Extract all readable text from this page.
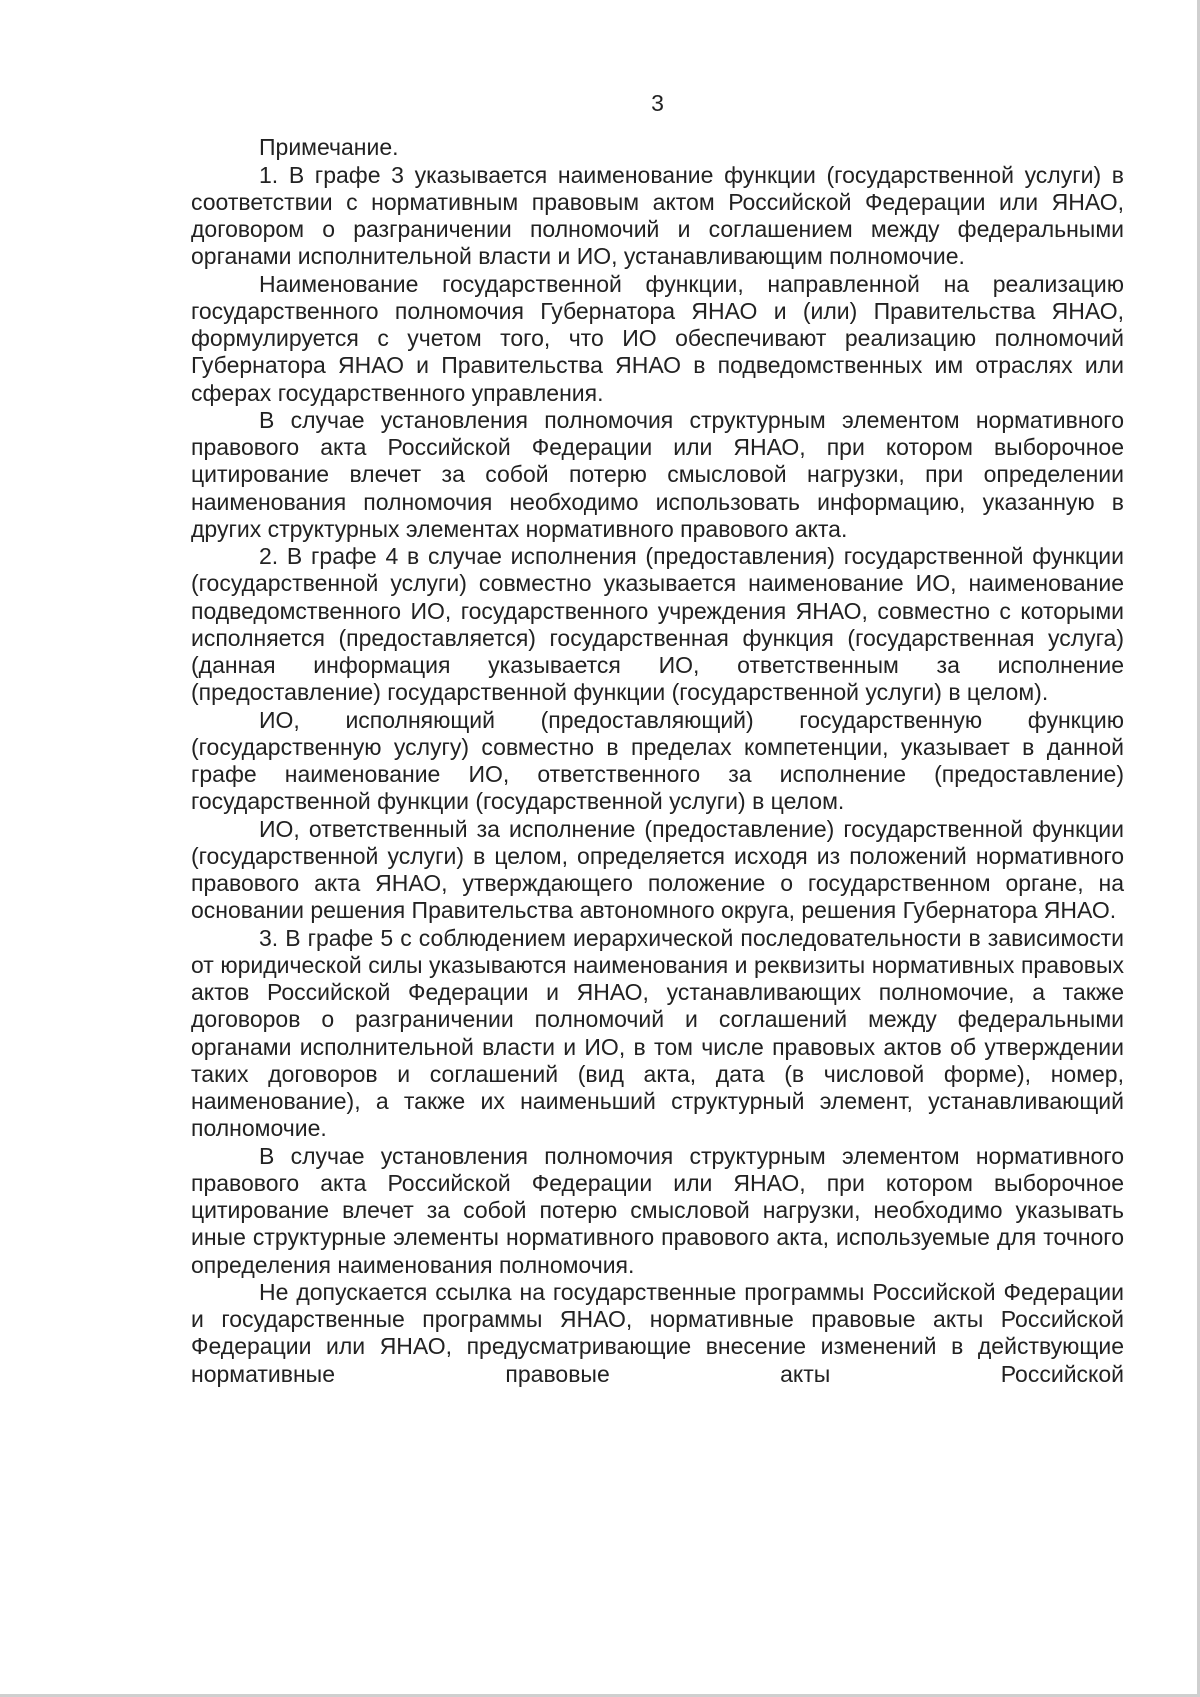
3

Примечание.

1. В графе 3 указывается наименование функции (государственной услуги) в соответствии с нормативным правовым актом Российской Федерации или ЯНАО, договором о разграничении полномочий и соглашением между федеральными органами исполнительной власти и ИО, устанавливающим полномочие.

Наименование государственной функции, направленной на реализацию государственного полномочия Губернатора ЯНАО и (или) Правительства ЯНАО, формулируется с учетом того, что ИО обеспечивают реализацию полномочий Губернатора ЯНАО и Правительства ЯНАО в подведомственных им отраслях или сферах государственного управления.

В случае установления полномочия структурным элементом нормативного правового акта Российской Федерации или ЯНАО, при котором выборочное цитирование влечет за собой потерю смысловой нагрузки, при определении наименования полномочия необходимо использовать информацию, указанную в других структурных элементах нормативного правового акта.

2. В графе 4 в случае исполнения (предоставления) государственной функции (государственной услуги) совместно указывается наименование ИО, наименование подведомственного ИО, государственного учреждения ЯНАО, совместно с которыми исполняется (предоставляется) государственная функция (государственная услуга) (данная информация указывается ИО, ответственным за исполнение (предоставление) государственной функции (государственной услуги) в целом).

ИО, исполняющий (предоставляющий) государственную функцию (государственную услугу) совместно в пределах компетенции, указывает в данной графе наименование ИО, ответственного за исполнение (предоставление) государственной функции (государственной услуги) в целом.

ИО, ответственный за исполнение (предоставление) государственной функции (государственной услуги) в целом, определяется исходя из положений нормативного правового акта ЯНАО, утверждающего положение о государственном органе, на основании решения Правительства автономного округа, решения Губернатора ЯНАО.

3. В графе 5 с соблюдением иерархической последовательности в зависимости от юридической силы указываются наименования и реквизиты нормативных правовых актов Российской Федерации и ЯНАО, устанавливающих полномочие, а также договоров о разграничении полномочий и соглашений между федеральными органами исполнительной власти и ИО, в том числе правовых актов об утверждении таких договоров и соглашений (вид акта, дата (в числовой форме), номер, наименование), а также их наименьший структурный элемент, устанавливающий полномочие.

В случае установления полномочия структурным элементом нормативного правового акта Российской Федерации или ЯНАО, при котором выборочное цитирование влечет за собой потерю смысловой нагрузки, необходимо указывать иные структурные элементы нормативного правового акта, используемые для точного определения наименования полномочия.

Не допускается ссылка на государственные программы Российской Федерации и государственные программы ЯНАО, нормативные правовые акты Российской Федерации или ЯНАО, предусматривающие внесение изменений в действующие нормативные правовые акты Российской
